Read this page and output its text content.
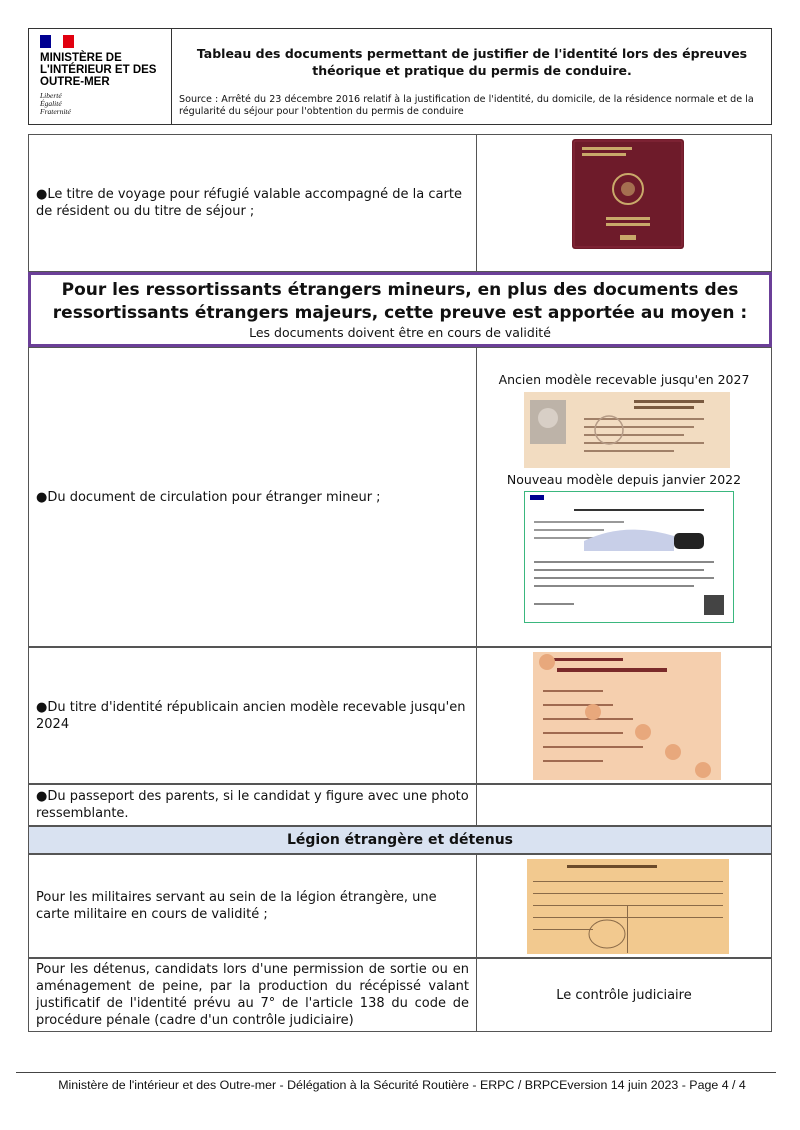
MINISTÈRE DE L'INTÉRIEUR ET DES OUTRE-MER
Liberté
Égalité
Fraternité
Tableau des documents permettant de justifier de l'identité lors des épreuves théorique et pratique du permis de conduire.
Source : Arrêté du 23 décembre 2016 relatif à la justification de l'identité, du domicile, de la résidence normale et de la régularité du séjour pour l'obtention du permis de conduire
●Le titre de voyage pour réfugié valable accompagné de la carte de résident ou du titre de séjour ;
Pour les ressortissants étrangers mineurs, en plus des documents des ressortissants étrangers majeurs, cette preuve est apportée au moyen :
Les documents doivent être en cours de validité
●Du document de circulation pour étranger mineur ;
Ancien modèle recevable jusqu'en 2027
Nouveau modèle depuis janvier 2022
●Du titre d'identité républicain ancien modèle recevable jusqu'en 2024
●Du passeport des parents, si le candidat y figure avec une photo ressemblante.
Légion étrangère et détenus
Pour les militaires servant au sein de la légion étrangère, une carte militaire en cours de validité ;
Pour les détenus, candidats lors d'une permission de sortie ou en aménagement de peine, par la production du récépissé valant justificatif de l'identité prévu au 7° de l'article 138 du code de procédure pénale (cadre d'un contrôle judiciaire)
Le contrôle judiciaire
Ministère de l'intérieur et des Outre-mer - Délégation à la Sécurité Routière - ERPC / BRPCEversion 14 juin 2023 - Page 4 / 4
